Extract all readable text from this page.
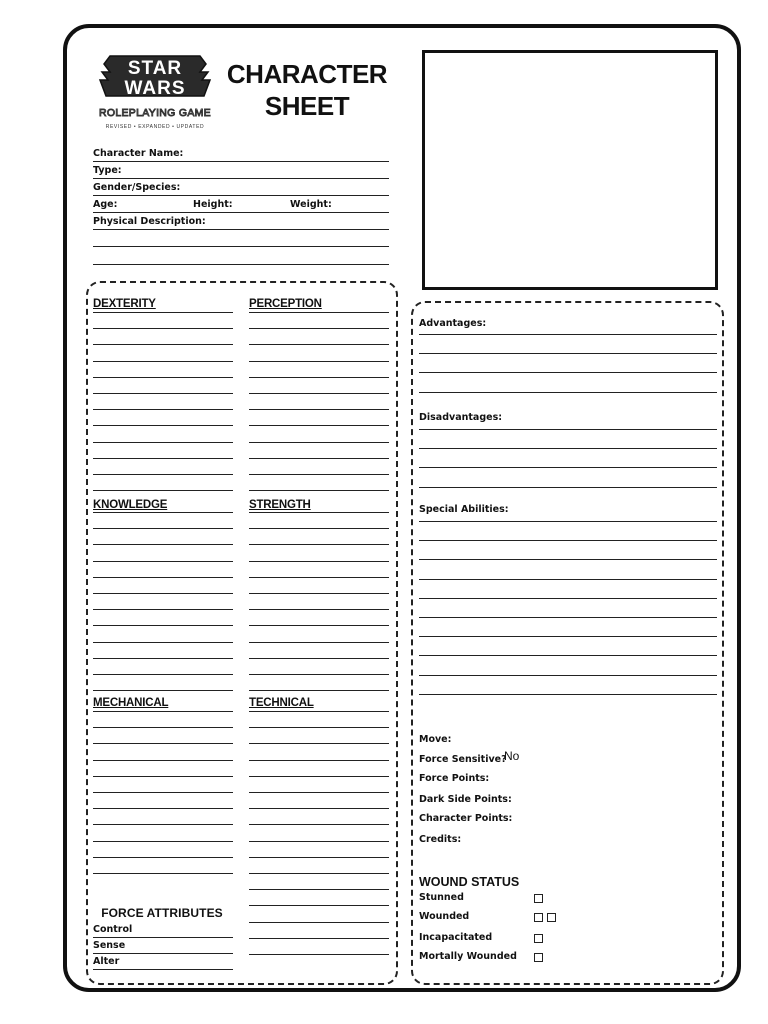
STAR
WARS
ROLEPLAYING GAME
REVISED • EXPANDED • UPDATED
CHARACTER
SHEET
Character Name:
Type:
Gender/Species:
Age:	Height:	Weight:
Physical Description:
DEXTERITY	PERCEPTION
KNOWLEDGE	STRENGTH
MECHANICAL	TECHNICAL
FORCE ATTRIBUTES
Control
Sense
Alter
Advantages:
Disadvantages:
Special Abilities:
Move:
Force Sensitive?
No
Force Points:
Dark Side Points:
Character Points:
Credits:
WOUND STATUS
Stunned
Wounded
Incapacitated
Mortally Wounded
